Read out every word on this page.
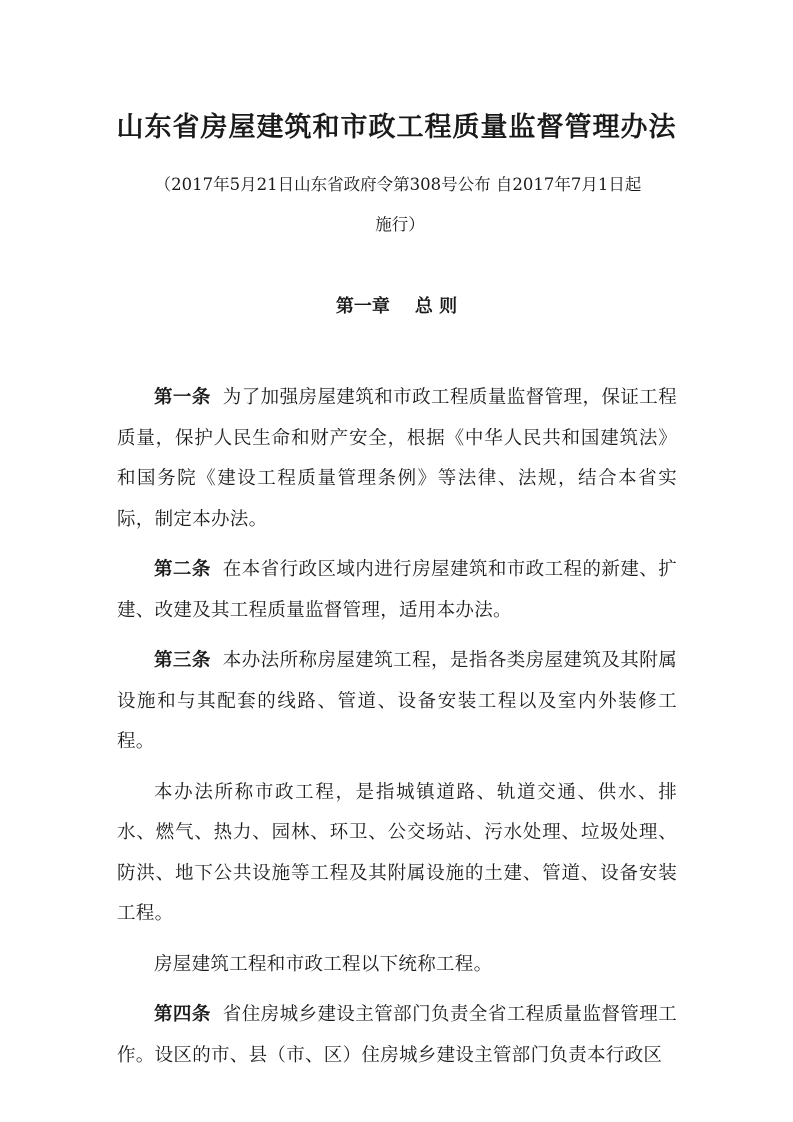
山东省房屋建筑和市政工程质量监督管理办法
（2017年5月21日山东省政府令第308号公布 自2017年7月1日起
施行）
第一章    总 则

第一条 为了加强房屋建筑和市政工程质量监督管理，保证工程质量，保护人民生命和财产安全，根据《中华人民共和国建筑法》和国务院《建设工程质量管理条例》等法律、法规，结合本省实际，制定本办法。

第二条 在本省行政区域内进行房屋建筑和市政工程的新建、扩建、改建及其工程质量监督管理，适用本办法。

第三条 本办法所称房屋建筑工程，是指各类房屋建筑及其附属设施和与其配套的线路、管道、设备安装工程以及室内外装修工程。

本办法所称市政工程，是指城镇道路、轨道交通、供水、排水、燃气、热力、园林、环卫、公交场站、污水处理、垃圾处理、防洪、地下公共设施等工程及其附属设施的土建、管道、设备安装工程。

房屋建筑工程和市政工程以下统称工程。

第四条 省住房城乡建设主管部门负责全省工程质量监督管理工作。设区的市、县（市、区）住房城乡建设主管部门负责本行政区
